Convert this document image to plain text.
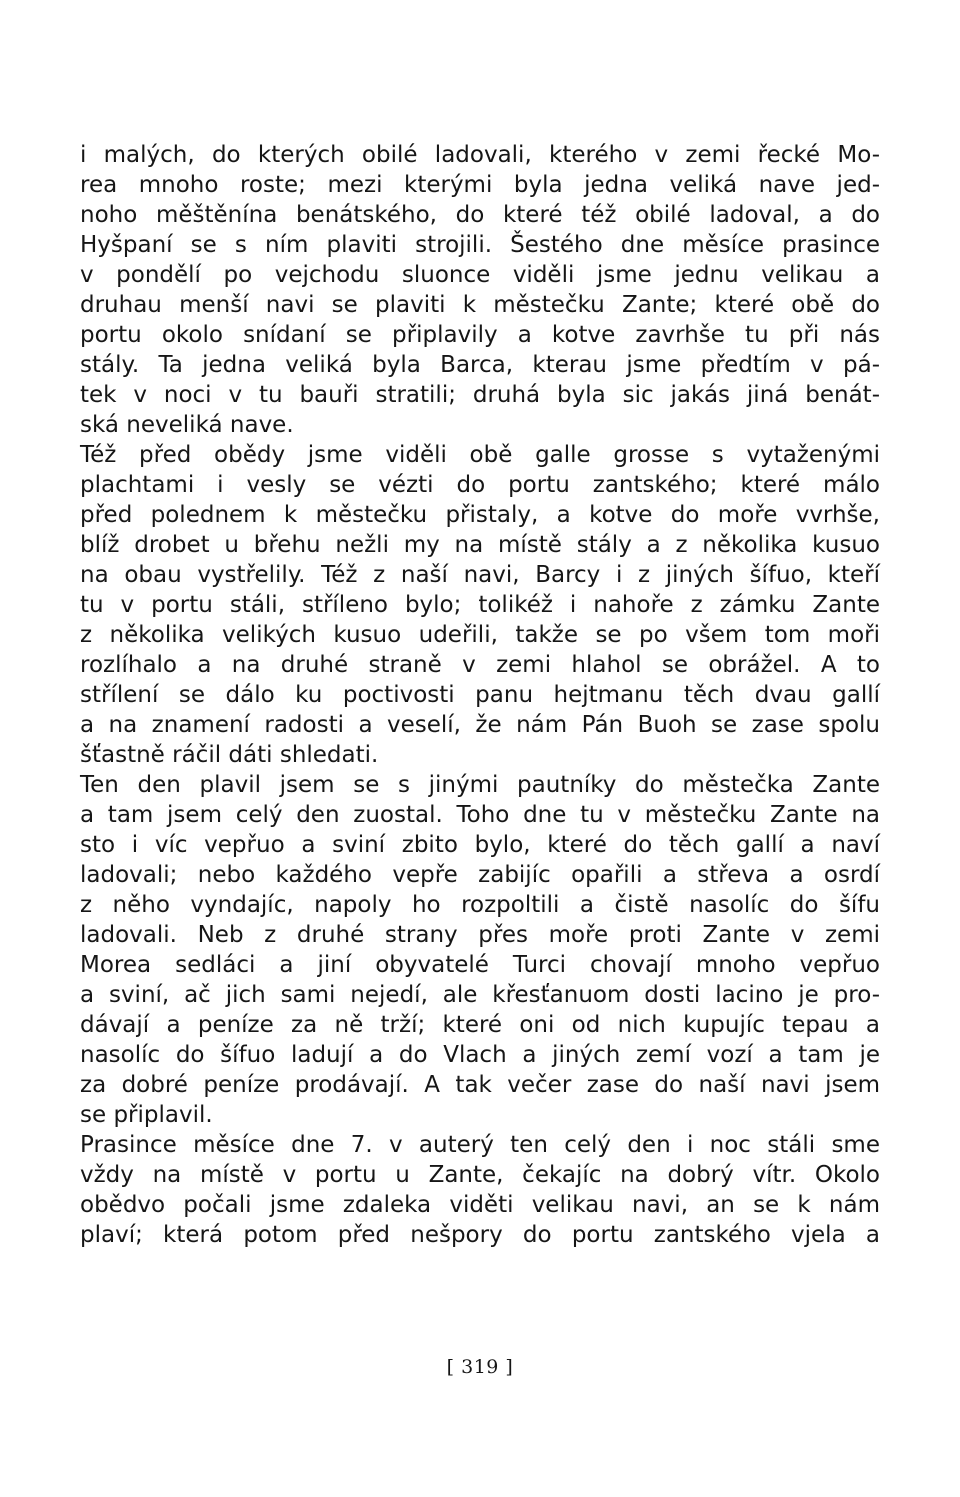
i malých, do kterých obilé ladovali, kterého v zemi řecké Mo-
rea mnoho roste; mezi kterými byla jedna veliká nave jed-
noho měštěnína benátského, do které též obilé ladoval, a do
Hyšpaní se s ním plaviti strojili. Šestého dne měsíce prasince
v pondělí po vejchodu sluonce viděli jsme jednu velikau a
druhau menší navi se plaviti k městečku Zante; které obě do
portu okolo snídaní se připlavily a kotve zavrhše tu při nás
stály. Ta jedna veliká byla Barca, kterau jsme předtím v pá-
tek v noci v tu bauři stratili; druhá byla sic jakás jiná benát-
ská neveliká nave.
Též před obědy jsme viděli obě galle grosse s vytaženými
plachtami i vesly se vézti do portu zantského; které málo
před polednem k městečku přistaly, a kotve do moře vvrhše,
blíž drobet u břehu nežli my na místě stály a z několika kusuo
na obau vystřelily. Též z naší navi, Barcy i z jiných šífuo, kteří
tu v portu stáli, stříleno bylo; tolikéž i nahoře z zámku Zante
z několika velikých kusuo udeřili, takže se po všem tom moři
rozlíhalo a na druhé straně v zemi hlahol se obrážel. A to
střílení se dálo ku poctivosti panu hejtmanu těch dvau gallí
a na znamení radosti a veselí, že nám Pán Buoh se zase spolu
šťastně ráčil dáti shledati.
Ten den plavil jsem se s jinými pautníky do městečka Zante
a tam jsem celý den zuostal. Toho dne tu v městečku Zante na
sto i víc vepřuo a sviní zbito bylo, které do těch gallí a naví
ladovali; nebo každého vepře zabijíc opařili a střeva a osrdí
z něho vyndajíc, napoly ho rozpoltili a čistě nasolíc do šífu
ladovali. Neb z druhé strany přes moře proti Zante v zemi
Morea sedláci a jiní obyvatelé Turci chovají mnoho vepřuo
a sviní, ač jich sami nejedí, ale křesťanuom dosti lacino je pro-
dávají a peníze za ně trží; které oni od nich kupujíc tepau a
nasolíc do šífuo ladují a do Vlach a jiných zemí vozí a tam je
za dobré peníze prodávají. A tak večer zase do naší navi jsem
se připlavil.
Prasince měsíce dne 7. v auterý ten celý den i noc stáli sme
vždy na místě v portu u Zante, čekajíc na dobrý vítr. Okolo
obědvo počali jsme zdaleka viděti velikau navi, an se k nám
plaví; která potom před nešpory do portu zantského vjela a
[ 319 ]
